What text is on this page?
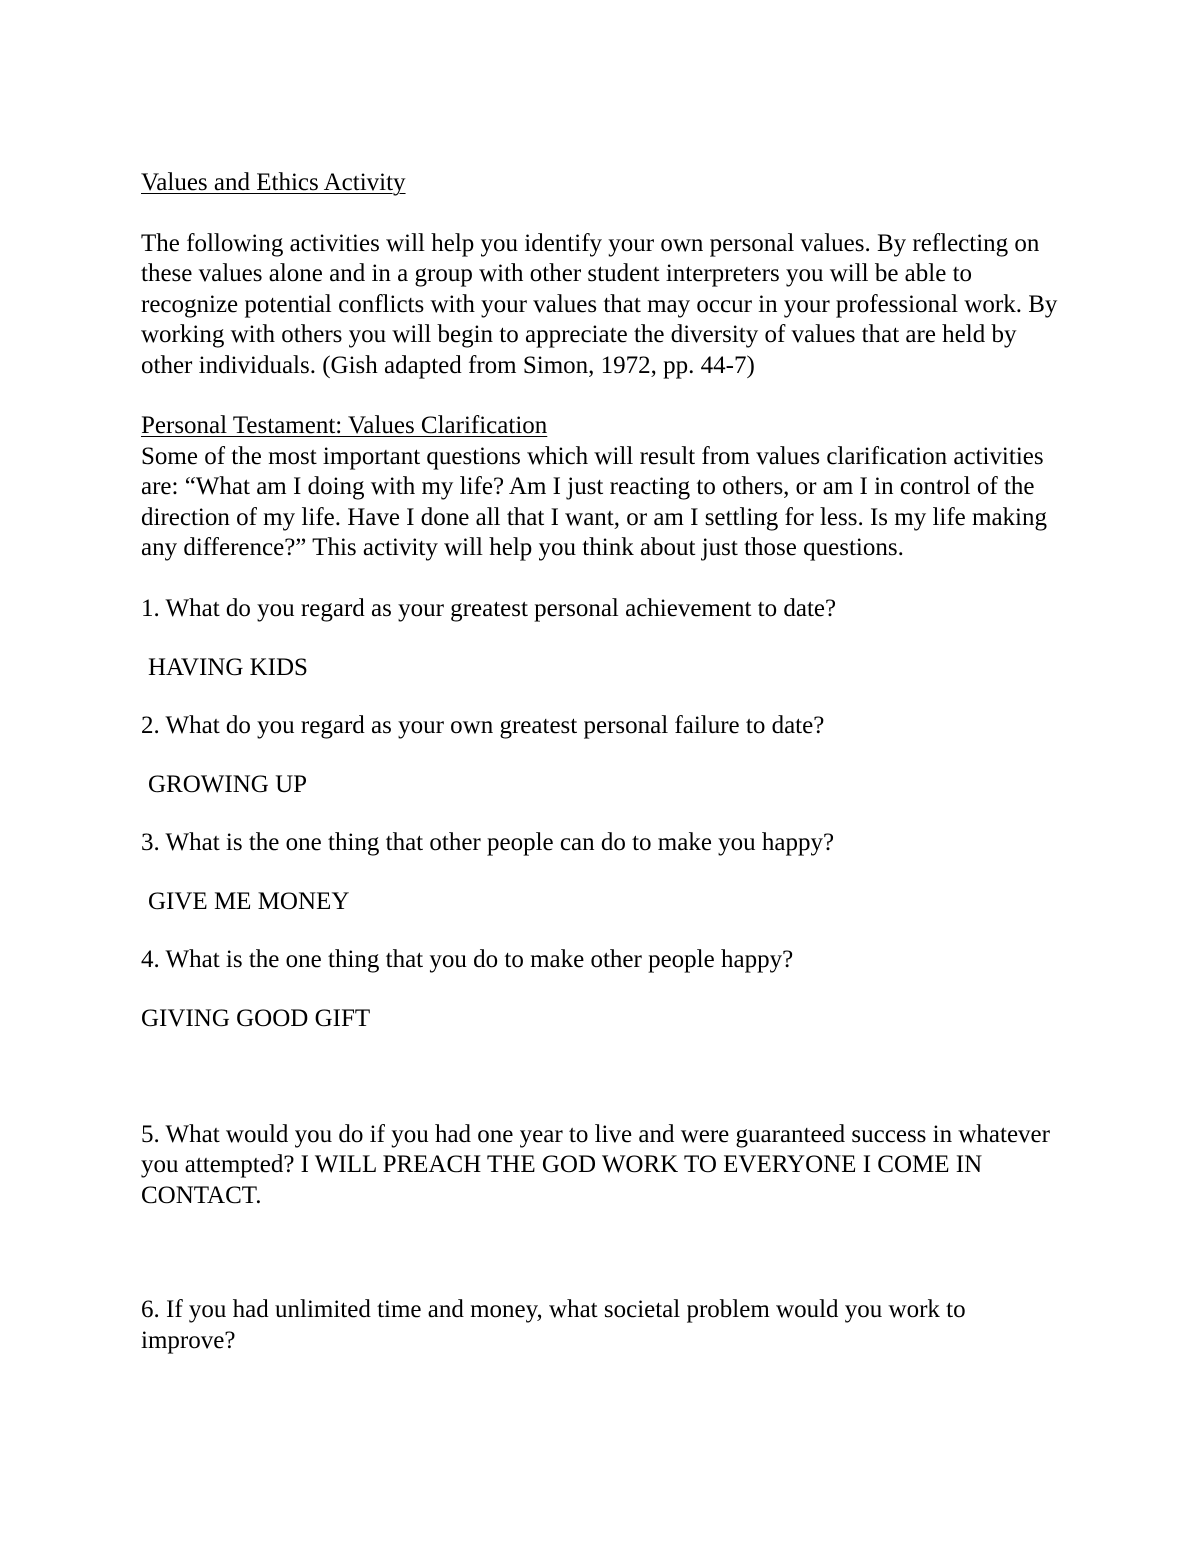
Values and Ethics Activity

The following activities will help you identify your own personal values. By reflecting on these values alone and in a group with other student interpreters you will be able to recognize potential conflicts with your values that may occur in your professional work. By working with others you will begin to appreciate the diversity of values that are held by other individuals. (Gish adapted from Simon, 1972, pp. 44-7)

Personal Testament: Values Clarification

Some of the most important questions which will result from values clarification activities are: “What am I doing with my life? Am I just reacting to others, or am I in control of the direction of my life. Have I done all that I want, or am I settling for less. Is my life making any difference?” This activity will help you think about just those questions.

1. What do you regard as your greatest personal achievement to date?

HAVING KIDS

2. What do you regard as your own greatest personal failure to date?

GROWING UP

3. What is the one thing that other people can do to make you happy?

GIVE ME MONEY

4. What is the one thing that you do to make other people happy?

GIVING GOOD GIFT

5. What would you do if you had one year to live and were guaranteed success in whatever you attempted? I WILL PREACH THE GOD WORK TO EVERYONE I COME IN CONTACT.

6. If you had unlimited time and money, what societal problem would you work to improve?
